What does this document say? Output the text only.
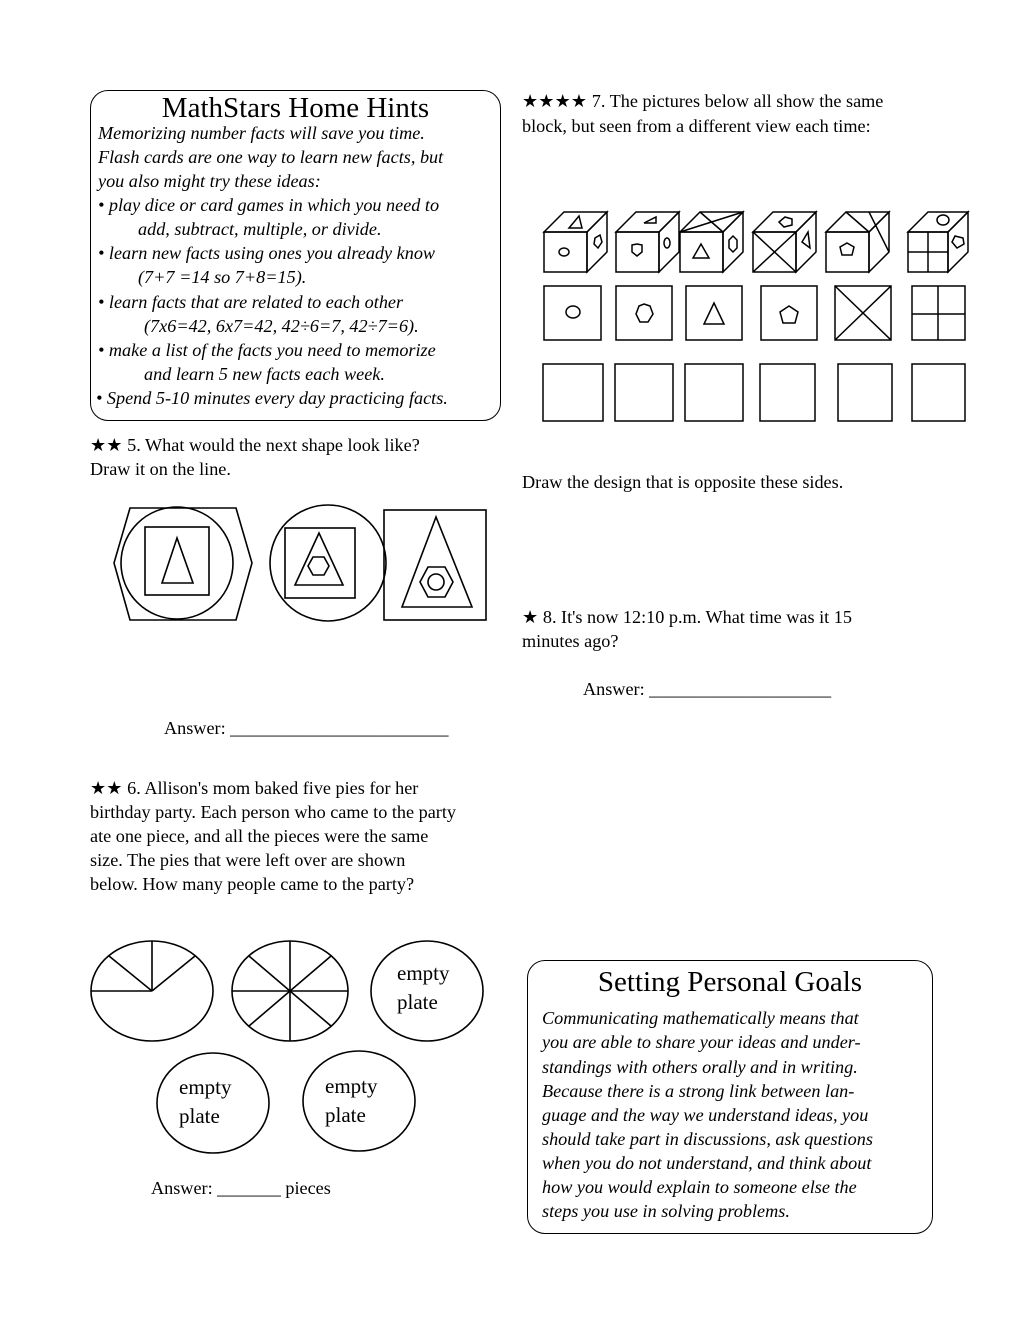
MathStars Home Hints
Memorizing number facts will save you time.
Flash cards are one way to learn new facts, but
you also might try these ideas:
• play dice or card games in which you need to
add, subtract, multiple, or divide.
• learn new facts using ones you already know
(7+7 =14 so 7+8=15).
• learn facts that are related to each other
(7x6=42, 6x7=42, 42÷6=7, 42÷7=6).
• make a list of the facts you need to memorize
and learn 5 new facts each week.
• Spend 5-10 minutes every day practicing facts.
★★ 5. What would the next shape look like?
Draw it on the line.
Answer: ________________________
★★ 6. Allison's mom baked five pies for her
birthday party. Each person who came to the party
ate one piece, and all the pieces were the same
size. The pies that were left over are shown
below. How many people came to the party?
empty
plate
empty
plate
empty
plate
Answer: _______ pieces
★★★★ 7. The pictures below all show the same
block, but seen from a different view each time:
Draw the design that is opposite these sides.
★ 8. It's now 12:10 p.m. What time was it 15
minutes ago?
Answer: ____________________
Setting Personal Goals
Communicating mathematically means that
you are able to share your ideas and under-
standings with others orally and in writing.
Because there is a strong link between lan-
guage and the way we understand ideas, you
should take part in discussions, ask questions
when you do not understand, and think about
how you would explain to someone else the
steps you use in solving problems.
